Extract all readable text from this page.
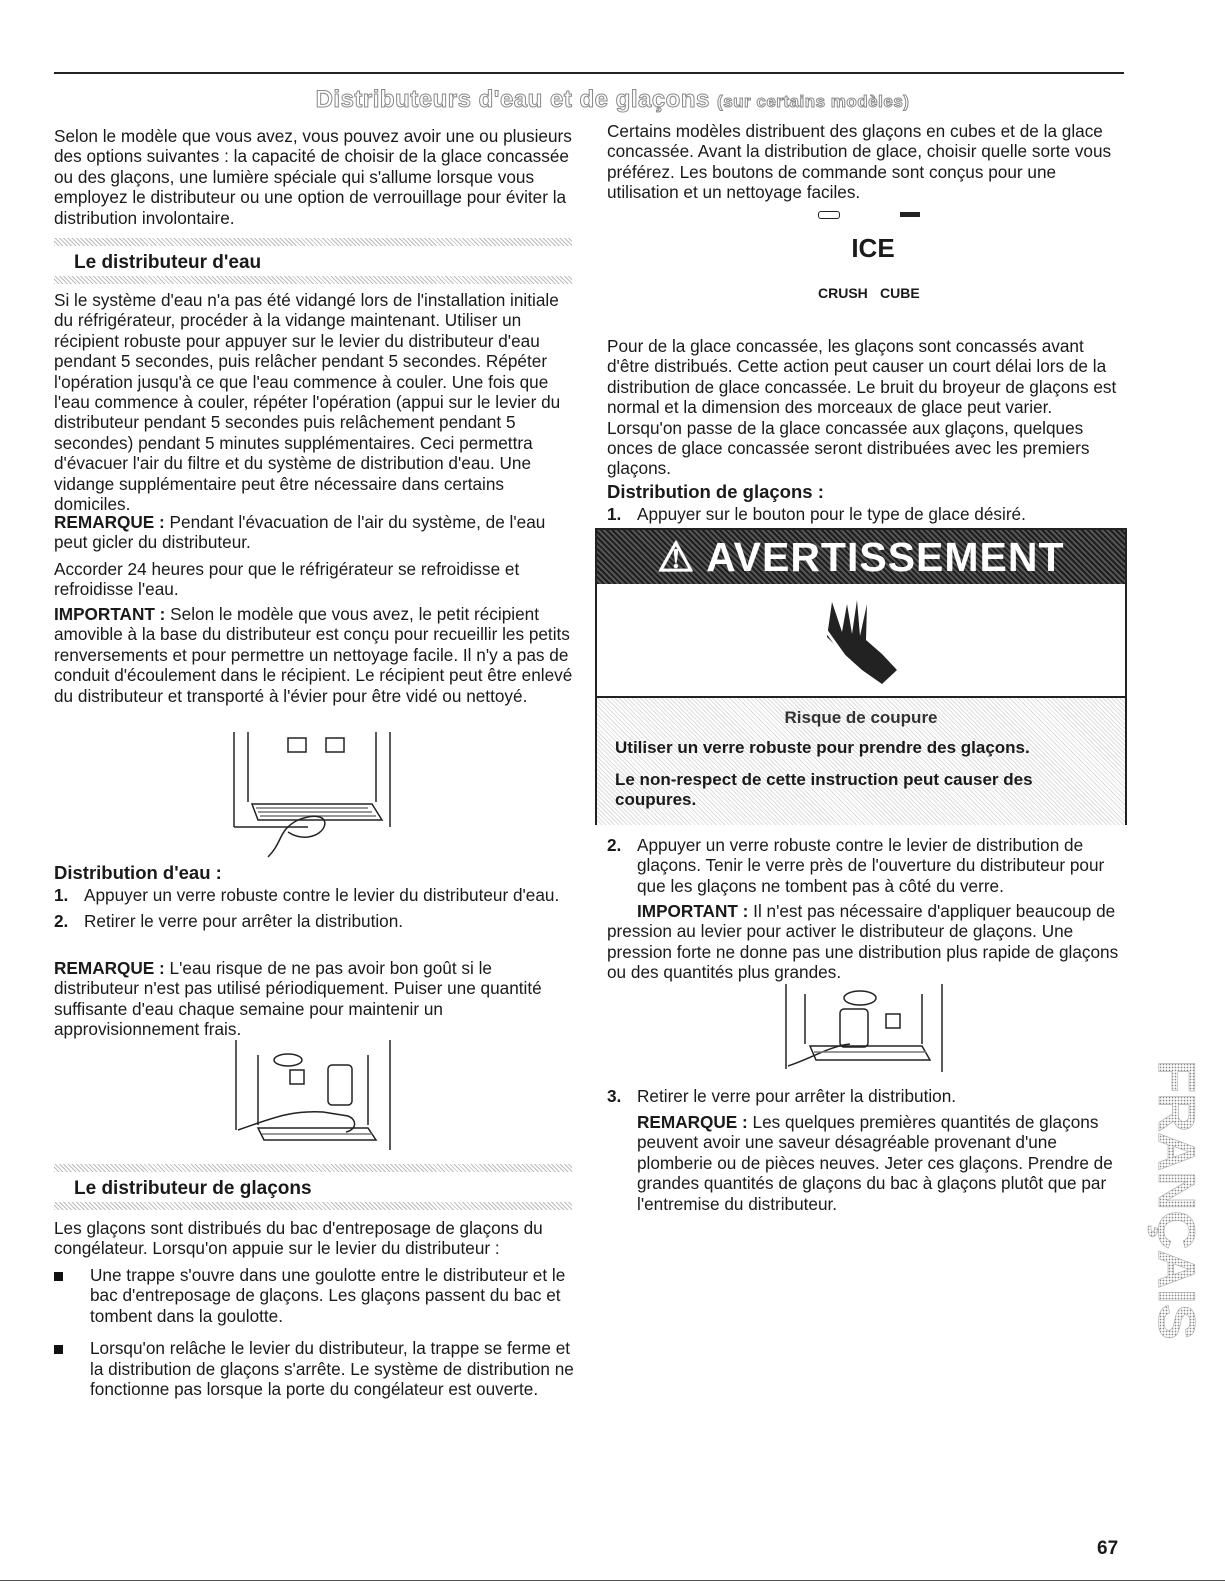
Distributeurs d'eau et de glaçons (sur certains modèles)

Selon le modèle que vous avez, vous pouvez avoir une ou plusieurs des options suivantes : la capacité de choisir de la glace concassée ou des glaçons, une lumière spéciale qui s'allume lorsque vous employez le distributeur ou une option de verrouillage pour éviter la distribution involontaire.

Le distributeur d'eau

Si le système d'eau n'a pas été vidangé lors de l'installation initiale du réfrigérateur, procéder à la vidange maintenant. Utiliser un récipient robuste pour appuyer sur le levier du distributeur d'eau pendant 5 secondes, puis relâcher pendant 5 secondes. Répéter l'opération jusqu'à ce que l'eau commence à couler. Une fois que l'eau commence à couler, répéter l'opération (appui sur le levier du distributeur pendant 5 secondes puis relâchement pendant 5 secondes) pendant 5 minutes supplémentaires. Ceci permettra d'évacuer l'air du filtre et du système de distribution d'eau. Une vidange supplémentaire peut être nécessaire dans certains domiciles.

REMARQUE : Pendant l'évacuation de l'air du système, de l'eau peut gicler du distributeur.

Accorder 24 heures pour que le réfrigérateur se refroidisse et refroidisse l'eau.

IMPORTANT : Selon le modèle que vous avez, le petit récipient amovible à la base du distributeur est conçu pour recueillir les petits renversements et pour permettre un nettoyage facile. Il n'y a pas de conduit d'écoulement dans le récipient. Le récipient peut être enlevé du distributeur et transporté à l'évier pour être vidé ou nettoyé.

Distribution d'eau :
1. Appuyer un verre robuste contre le levier du distributeur d'eau.
2. Retirer le verre pour arrêter la distribution.

REMARQUE : L'eau risque de ne pas avoir bon goût si le distributeur n'est pas utilisé périodiquement. Puiser une quantité suffisante d'eau chaque semaine pour maintenir un approvisionnement frais.

Le distributeur de glaçons

Les glaçons sont distribués du bac d'entreposage de glaçons du congélateur. Lorsqu'on appuie sur le levier du distributeur :

Une trappe s'ouvre dans une goulotte entre le distributeur et le bac d'entreposage de glaçons. Les glaçons passent du bac et tombent dans la goulotte.
Lorsqu'on relâche le levier du distributeur, la trappe se ferme et la distribution de glaçons s'arrête. Le système de distribution ne fonctionne pas lorsque la porte du congélateur est ouverte.

Certains modèles distribuent des glaçons en cubes et de la glace concassée. Avant la distribution de glace, choisir quelle sorte vous préférez. Les boutons de commande sont conçus pour une utilisation et un nettoyage faciles.

ICE
CRUSH CUBE

Pour de la glace concassée, les glaçons sont concassés avant d'être distribués. Cette action peut causer un court délai lors de la distribution de glace concassée. Le bruit du broyeur de glaçons est normal et la dimension des morceaux de glace peut varier. Lorsqu'on passe de la glace concassée aux glaçons, quelques onces de glace concassée seront distribuées avec les premiers glaçons.

Distribution de glaçons :
1. Appuyer sur le bouton pour le type de glace désiré.
⚠ AVERTISSEMENT
Risque de coupure
Utiliser un verre robuste pour prendre des glaçons.
Le non-respect de cette instruction peut causer des coupures.
2. Appuyer un verre robuste contre le levier de distribution de glaçons. Tenir le verre près de l'ouverture du distributeur pour que les glaçons ne tombent pas à côté du verre.

IMPORTANT : Il n'est pas nécessaire d'appliquer beaucoup de pression au levier pour activer le distributeur de glaçons. Une pression forte ne donne pas une distribution plus rapide de glaçons ou des quantités plus grandes.

3. Retirer le verre pour arrêter la distribution.

REMARQUE : Les quelques premières quantités de glaçons peuvent avoir une saveur désagréable provenant d'une plomberie ou de pièces neuves. Jeter ces glaçons. Prendre de grandes quantités de glaçons du bac à glaçons plutôt que par l'entremise du distributeur.	FRANÇAIS
67
